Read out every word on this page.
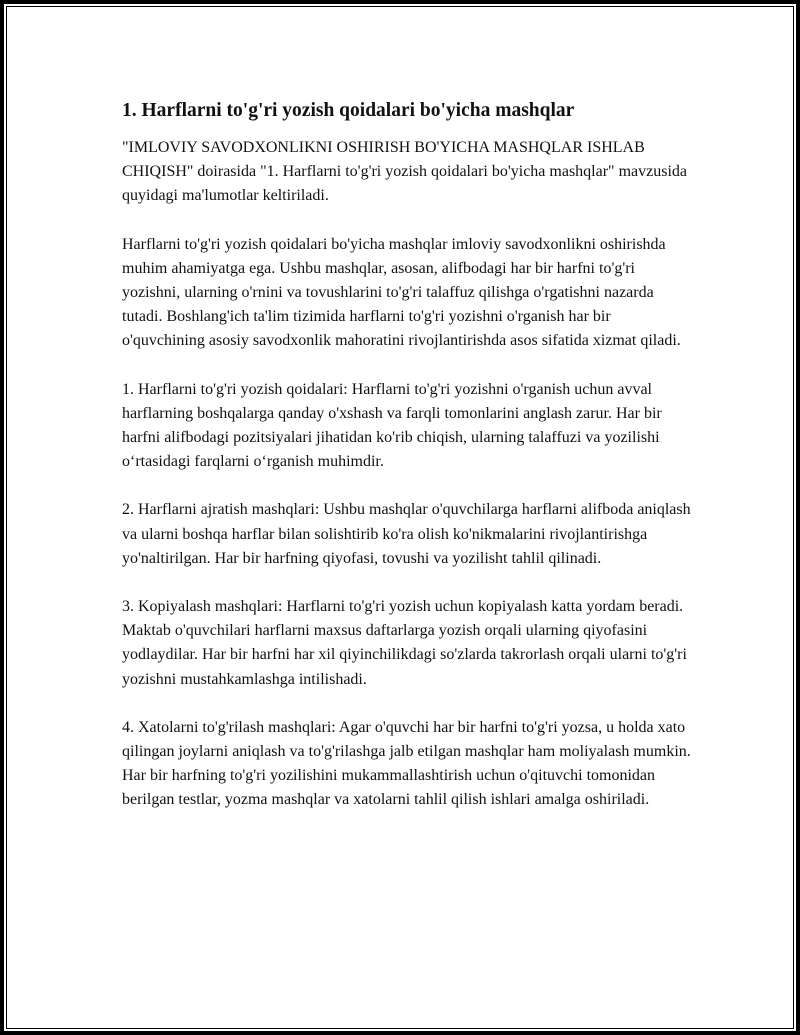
1. Harflarni to'g'ri yozish qoidalari bo'yicha mashqlar

"IMLOVIY SAVODXONLIKNI OSHIRISH BO'YICHA MASHQLAR ISHLAB CHIQISH" doirasida "1. Harflarni to'g'ri yozish qoidalari bo'yicha mashqlar" mavzusida quyidagi ma'lumotlar keltiriladi.

Harflarni to'g'ri yozish qoidalari bo'yicha mashqlar imloviy savodxonlikni oshirishda muhim ahamiyatga ega. Ushbu mashqlar, asosan, alifbodagi har bir harfni to'g'ri yozishni, ularning o'rnini va tovushlarini to'g'ri talaffuz qilishga o'rgatishni nazarda tutadi. Boshlang'ich ta'lim tizimida harflarni to'g'ri yozishni o'rganish har bir o'quvchining asosiy savodxonlik mahoratini rivojlantirishda asos sifatida xizmat qiladi.

1. Harflarni to'g'ri yozish qoidalari: Harflarni to'g'ri yozishni o'rganish uchun avval harflarning boshqalarga qanday o'xshash va farqli tomonlarini anglash zarur. Har bir harfni alifbodagi pozitsiyalari jihatidan ko'rib chiqish, ularning talaffuzi va yozilishi o‘rtasidagi farqlarni o‘rganish muhimdir.

2. Harflarni ajratish mashqlari: Ushbu mashqlar o'quvchilarga harflarni alifboda aniqlash va ularni boshqa harflar bilan solishtirib ko'ra olish ko'nikmalarini rivojlantirishga yo'naltirilgan. Har bir harfning qiyofasi, tovushi va yozilisht tahlil qilinadi.

3. Kopiyalash mashqlari: Harflarni to'g'ri yozish uchun kopiyalash katta yordam beradi. Maktab o'quvchilari harflarni maxsus daftarlarga yozish orqali ularning qiyofasini yodlaydilar. Har bir harfni har xil qiyinchilikdagi so'zlarda takrorlash orqali ularni to'g'ri yozishni mustahkamlashga intilishadi.

4. Xatolarni to'g'rilash mashqlari: Agar o'quvchi har bir harfni to'g'ri yozsa, u holda xato qilingan joylarni aniqlash va to'g'rilashga jalb etilgan mashqlar ham moliyalash mumkin. Har bir harfning to'g'ri yozilishini mukammallashtirish uchun o'qituvchi tomonidan berilgan testlar, yozma mashqlar va xatolarni tahlil qilish ishlari amalga oshiriladi.
